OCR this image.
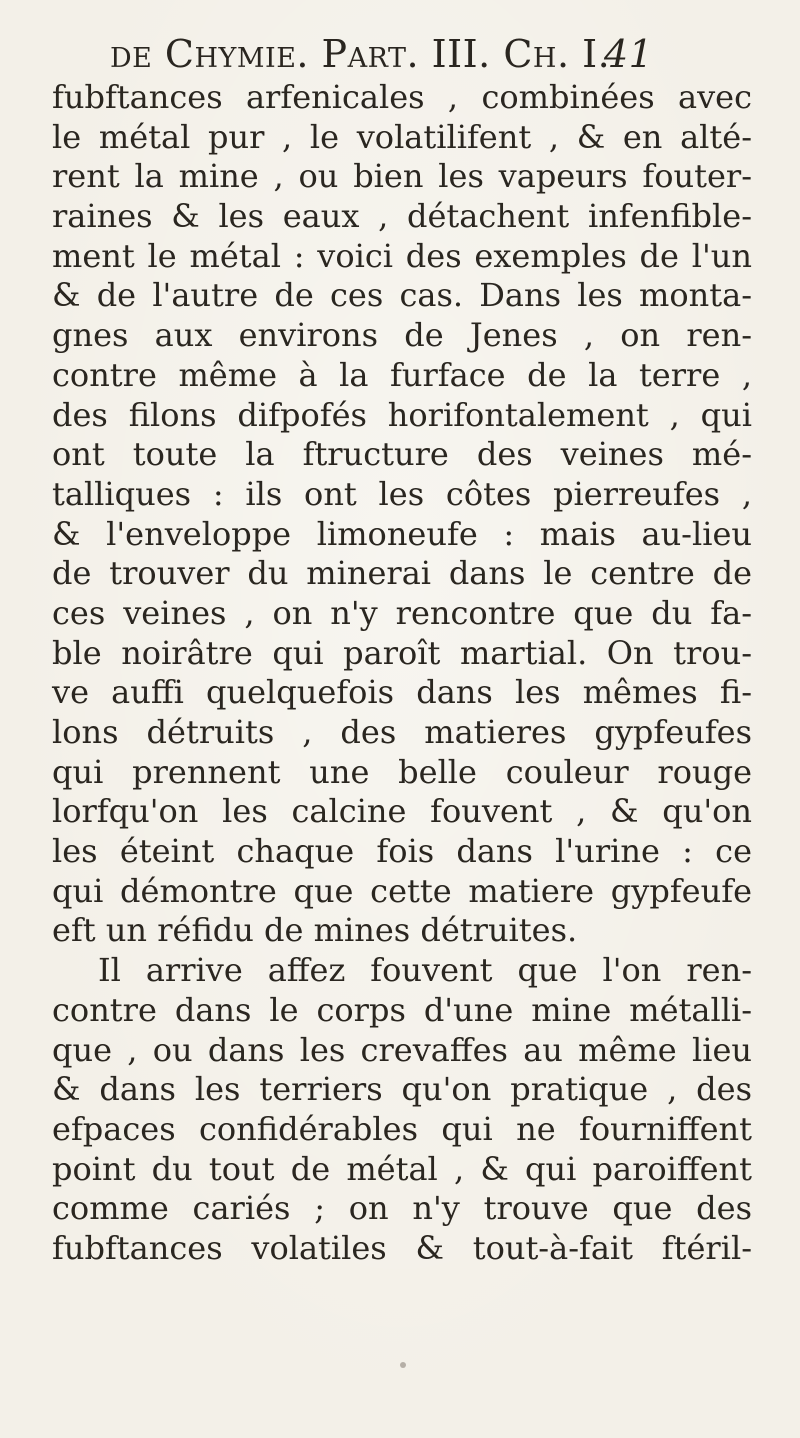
de Chymie. Part. III. Ch. I.
41
fubftances arfenicales , combinées avec
le métal pur , le volatilifent , & en alté-
rent la mine , ou bien les vapeurs fouter-
raines & les eaux , détachent infenfible-
ment le métal : voici des exemples de l'un
& de l'autre de ces cas. Dans les monta-
gnes aux environs de Jenes , on ren-
contre même à la furface de la terre ,
des filons difpofés horifontalement , qui
ont toute la ftructure des veines mé-
talliques : ils ont les côtes pierreufes ,
& l'enveloppe limoneufe : mais au-lieu
de trouver du minerai dans le centre de
ces veines , on n'y rencontre que du fa-
ble noirâtre qui paroît martial. On trou-
ve auffi quelquefois dans les mêmes fi-
lons détruits , des matieres gypfeufes
qui prennent une belle couleur rouge
lorfqu'on les calcine fouvent , & qu'on
les éteint chaque fois dans l'urine : ce
qui démontre que cette matiere gypfeufe
eft un réfidu de mines détruites.
Il arrive affez fouvent que l'on ren-
contre dans le corps d'une mine métalli-
que , ou dans les crevaffes au même lieu
& dans les terriers qu'on pratique , des
efpaces confidérables qui ne fourniffent
point du tout de métal , & qui paroiffent
comme cariés ; on n'y trouve que des
fubftances volatiles & tout-à-fait ftéril-
